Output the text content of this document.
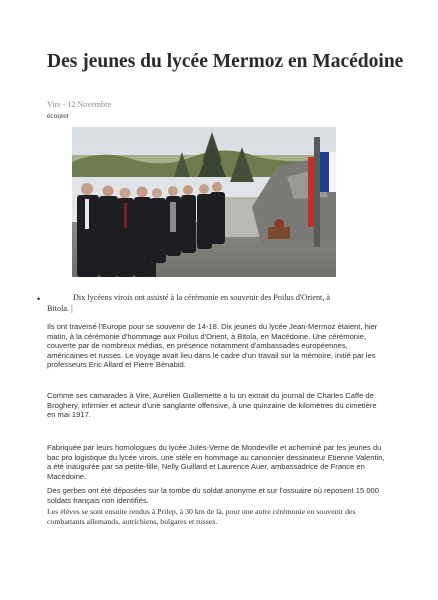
Des jeunes du lycée Mermoz en Macédoine
Vire - 12 Novembre
écouter
•	Dix lycéens virois ont assisté à la cérémonie en souvenir des Poilus d'Orient, à
Bitola. |

Ils ont traversé l'Europe pour se souvenir de 14-18. Dix jeunes du lycée Jean-Mermoz étaient, hier matin, à la cérémonie d'hommage aux Poilus d'Orient, à Bitola, en Macédoine. Une cérémonie, couverte par de nombreux médias, en présence notamment d'ambassades européennes, américaines et russes. Le voyage avait lieu dans le cadre d'un travail sur la mémoire, initié par les professeurs Eric Allard et Pierre Bénabid.

Comme ses camarades à Vire, Aurélien Guillemette a lu un extrait du journal de Charles Caffe de Broghery, infirmier et acteur d'une sanglante offensive, à une quinzaine de kilomètres du cimetière en mai 1917.

Fabriquée par leurs homologues du lycée Jules-Verne de Mondeville et acheminé par les jeunes du bac pro logistique du lycée virois, une stèle en hommage au canonnier dessinateur Etienne Valentin, a été inaugurée par sa petite-fille, Nelly Guillard et Laurence Auer, ambassadrice de France en Macédoine.

Des gerbes ont été déposées sur la tombe du soldat anonyme et sur l'ossuaire où reposent 15 000 soldats français non identifiés.

Les élèves se sont ensuite rendus à Prilep, à 30 km de là, pour une autre cérémonie en souvenir des combattants allemands, autrichiens, bulgares et russes.
